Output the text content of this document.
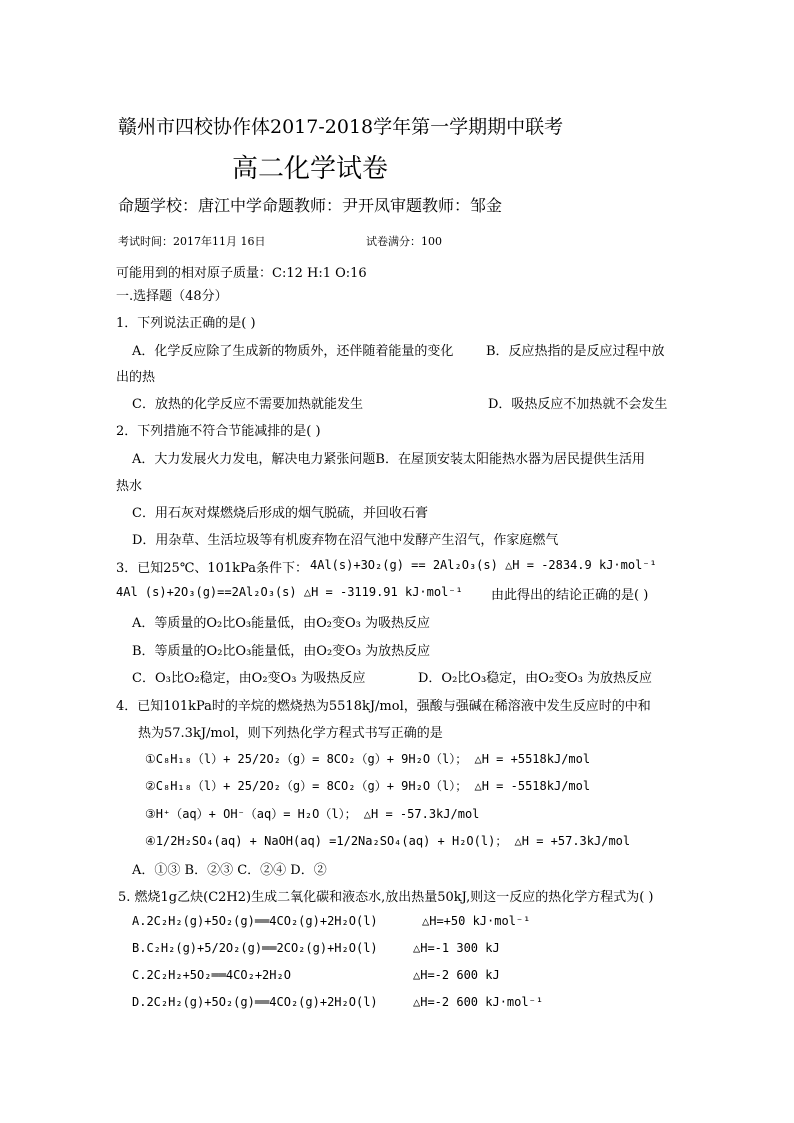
赣州市四校协作体2017-2018学年第一学期期中联考
高二化学试卷
命题学校：唐江中学命题教师：尹开凤审题教师：邹金
考试时间：2017年11月 16日	试卷满分：100
可能用到的相对原子质量：C:12 H:1 O:16
一.选择题（48分）
1．下列说法正确的是( )
A．化学反应除了生成新的物质外，还伴随着能量的变化	B．反应热指的是反应过程中放
出的热
C．放热的化学反应不需要加热就能发生	D．吸热反应不加热就不会发生
2．下列措施不符合节能减排的是( )
A．大力发展火力发电，解决电力紧张问题B．在屋顶安装太阳能热水器为居民提供生活用
热水
C．用石灰对煤燃烧后形成的烟气脱硫，并回收石膏
D．用杂草、生活垃圾等有机废弃物在沼气池中发酵产生沼气，作家庭燃气
3．已知25℃、101kPa条件下： 4Al(s)+3O₂(g) == 2Al₂O₃(s) △H = -2834.9 kJ·mol⁻¹
4Al (s)+2O₃(g)==2Al₂O₃(s) △H = -3119.91 kJ·mol⁻¹ 由此得出的结论正确的是( )
A．等质量的O₂比O₃能量低，由O₂变O₃ 为吸热反应
B．等质量的O₂比O₃能量低，由O₂变O₃ 为放热反应
C．O₃比O₂稳定，由O₂变O₃ 为吸热反应	D．O₂比O₃稳定，由O₂变O₃ 为放热反应
4．已知101kPa时的辛烷的燃烧热为5518kJ/mol，强酸与强碱在稀溶液中发生反应时的中和
热为57.3kJ/mol，则下列热化学方程式书写正确的是
①C₈H₁₈（l）+ 25/2O₂（g）= 8CO₂（g）+ 9H₂O（l）； △H = +5518kJ/mol
②C₈H₁₈（l）+ 25/2O₂（g）= 8CO₂（g）+ 9H₂O（l）； △H = -5518kJ/mol
③H⁺（aq）+ OH⁻（aq）= H₂O（l）； △H = -57.3kJ/mol
④1/2H₂SO₄(aq) + NaOH(aq) =1/2Na₂SO₄(aq) + H₂O(l)； △H = +57.3kJ/mol
A．①③ B．②③ C．②④ D．②
5. 燃烧1g乙炔(C2H2)生成二氧化碳和液态水,放出热量50kJ,则这一反应的热化学方程式为( )
A.2C₂H₂(g)+5O₂(g)══4CO₂(g)+2H₂O(l)	△H=+50 kJ·mol⁻¹
B.C₂H₂(g)+5/2O₂(g)══2CO₂(g)+H₂O(l)	△H=-1 300 kJ
C.2C₂H₂+5O₂══4CO₂+2H₂O	△H=-2 600 kJ
D.2C₂H₂(g)+5O₂(g)══4CO₂(g)+2H₂O(l)	△H=-2 600 kJ·mol⁻¹
